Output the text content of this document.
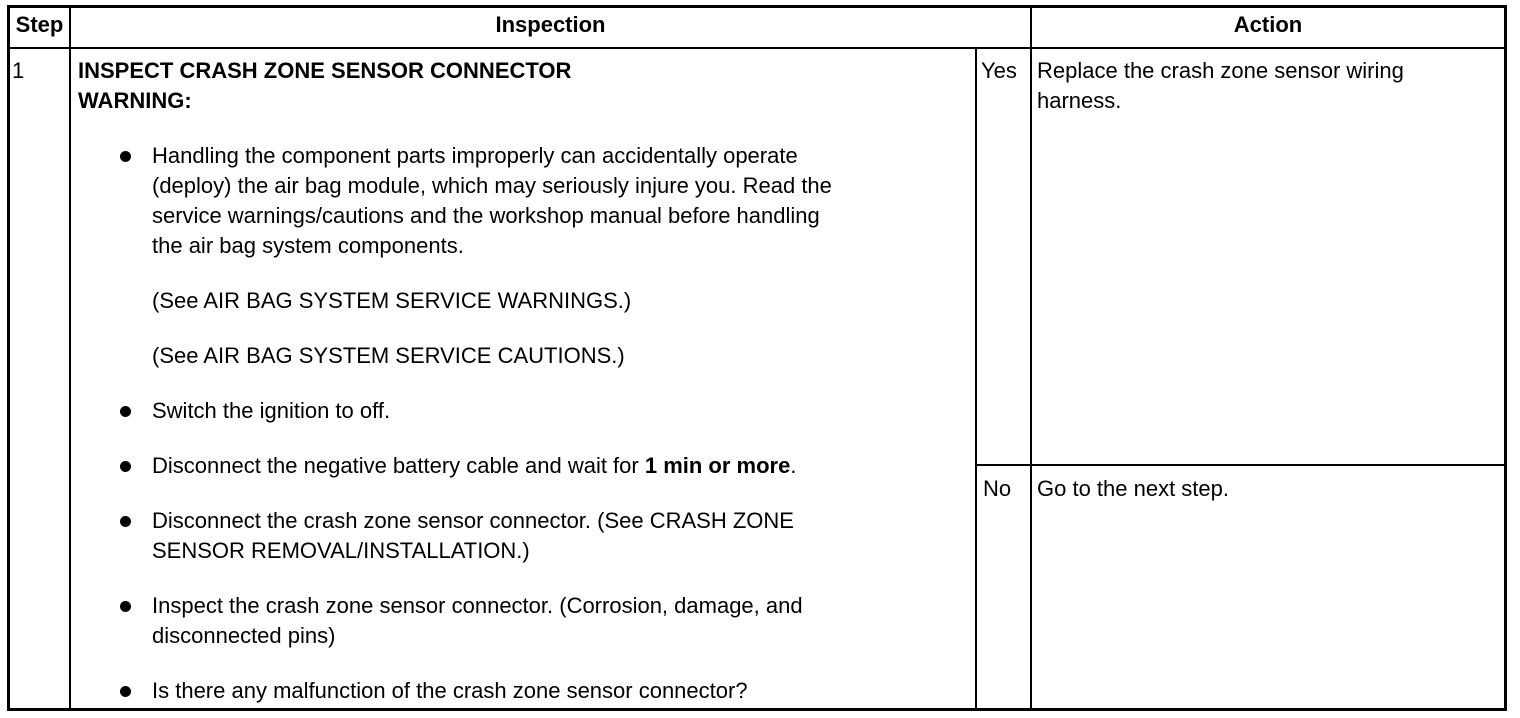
Step	Inspection	Action
1 INSPECT CRASH ZONE SENSOR CONNECTOR
WARNING:
Handling the component parts improperly can accidentally operate
(deploy) the air bag module, which may seriously injure you. Read the
service warnings/cautions and the workshop manual before handling
the air bag system components.
(See AIR BAG SYSTEM SERVICE WARNINGS.)
(See AIR BAG SYSTEM SERVICE CAUTIONS.)
Switch the ignition to off.
Disconnect the negative battery cable and wait for 1 min or more.
Disconnect the crash zone sensor connector. (See CRASH ZONE
SENSOR REMOVAL/INSTALLATION.)
Inspect the crash zone sensor connector. (Corrosion, damage, and
disconnected pins)
Is there any malfunction of the crash zone sensor connector?
Yes Replace the crash zone sensor wiring
harness.
No Go to the next step.
